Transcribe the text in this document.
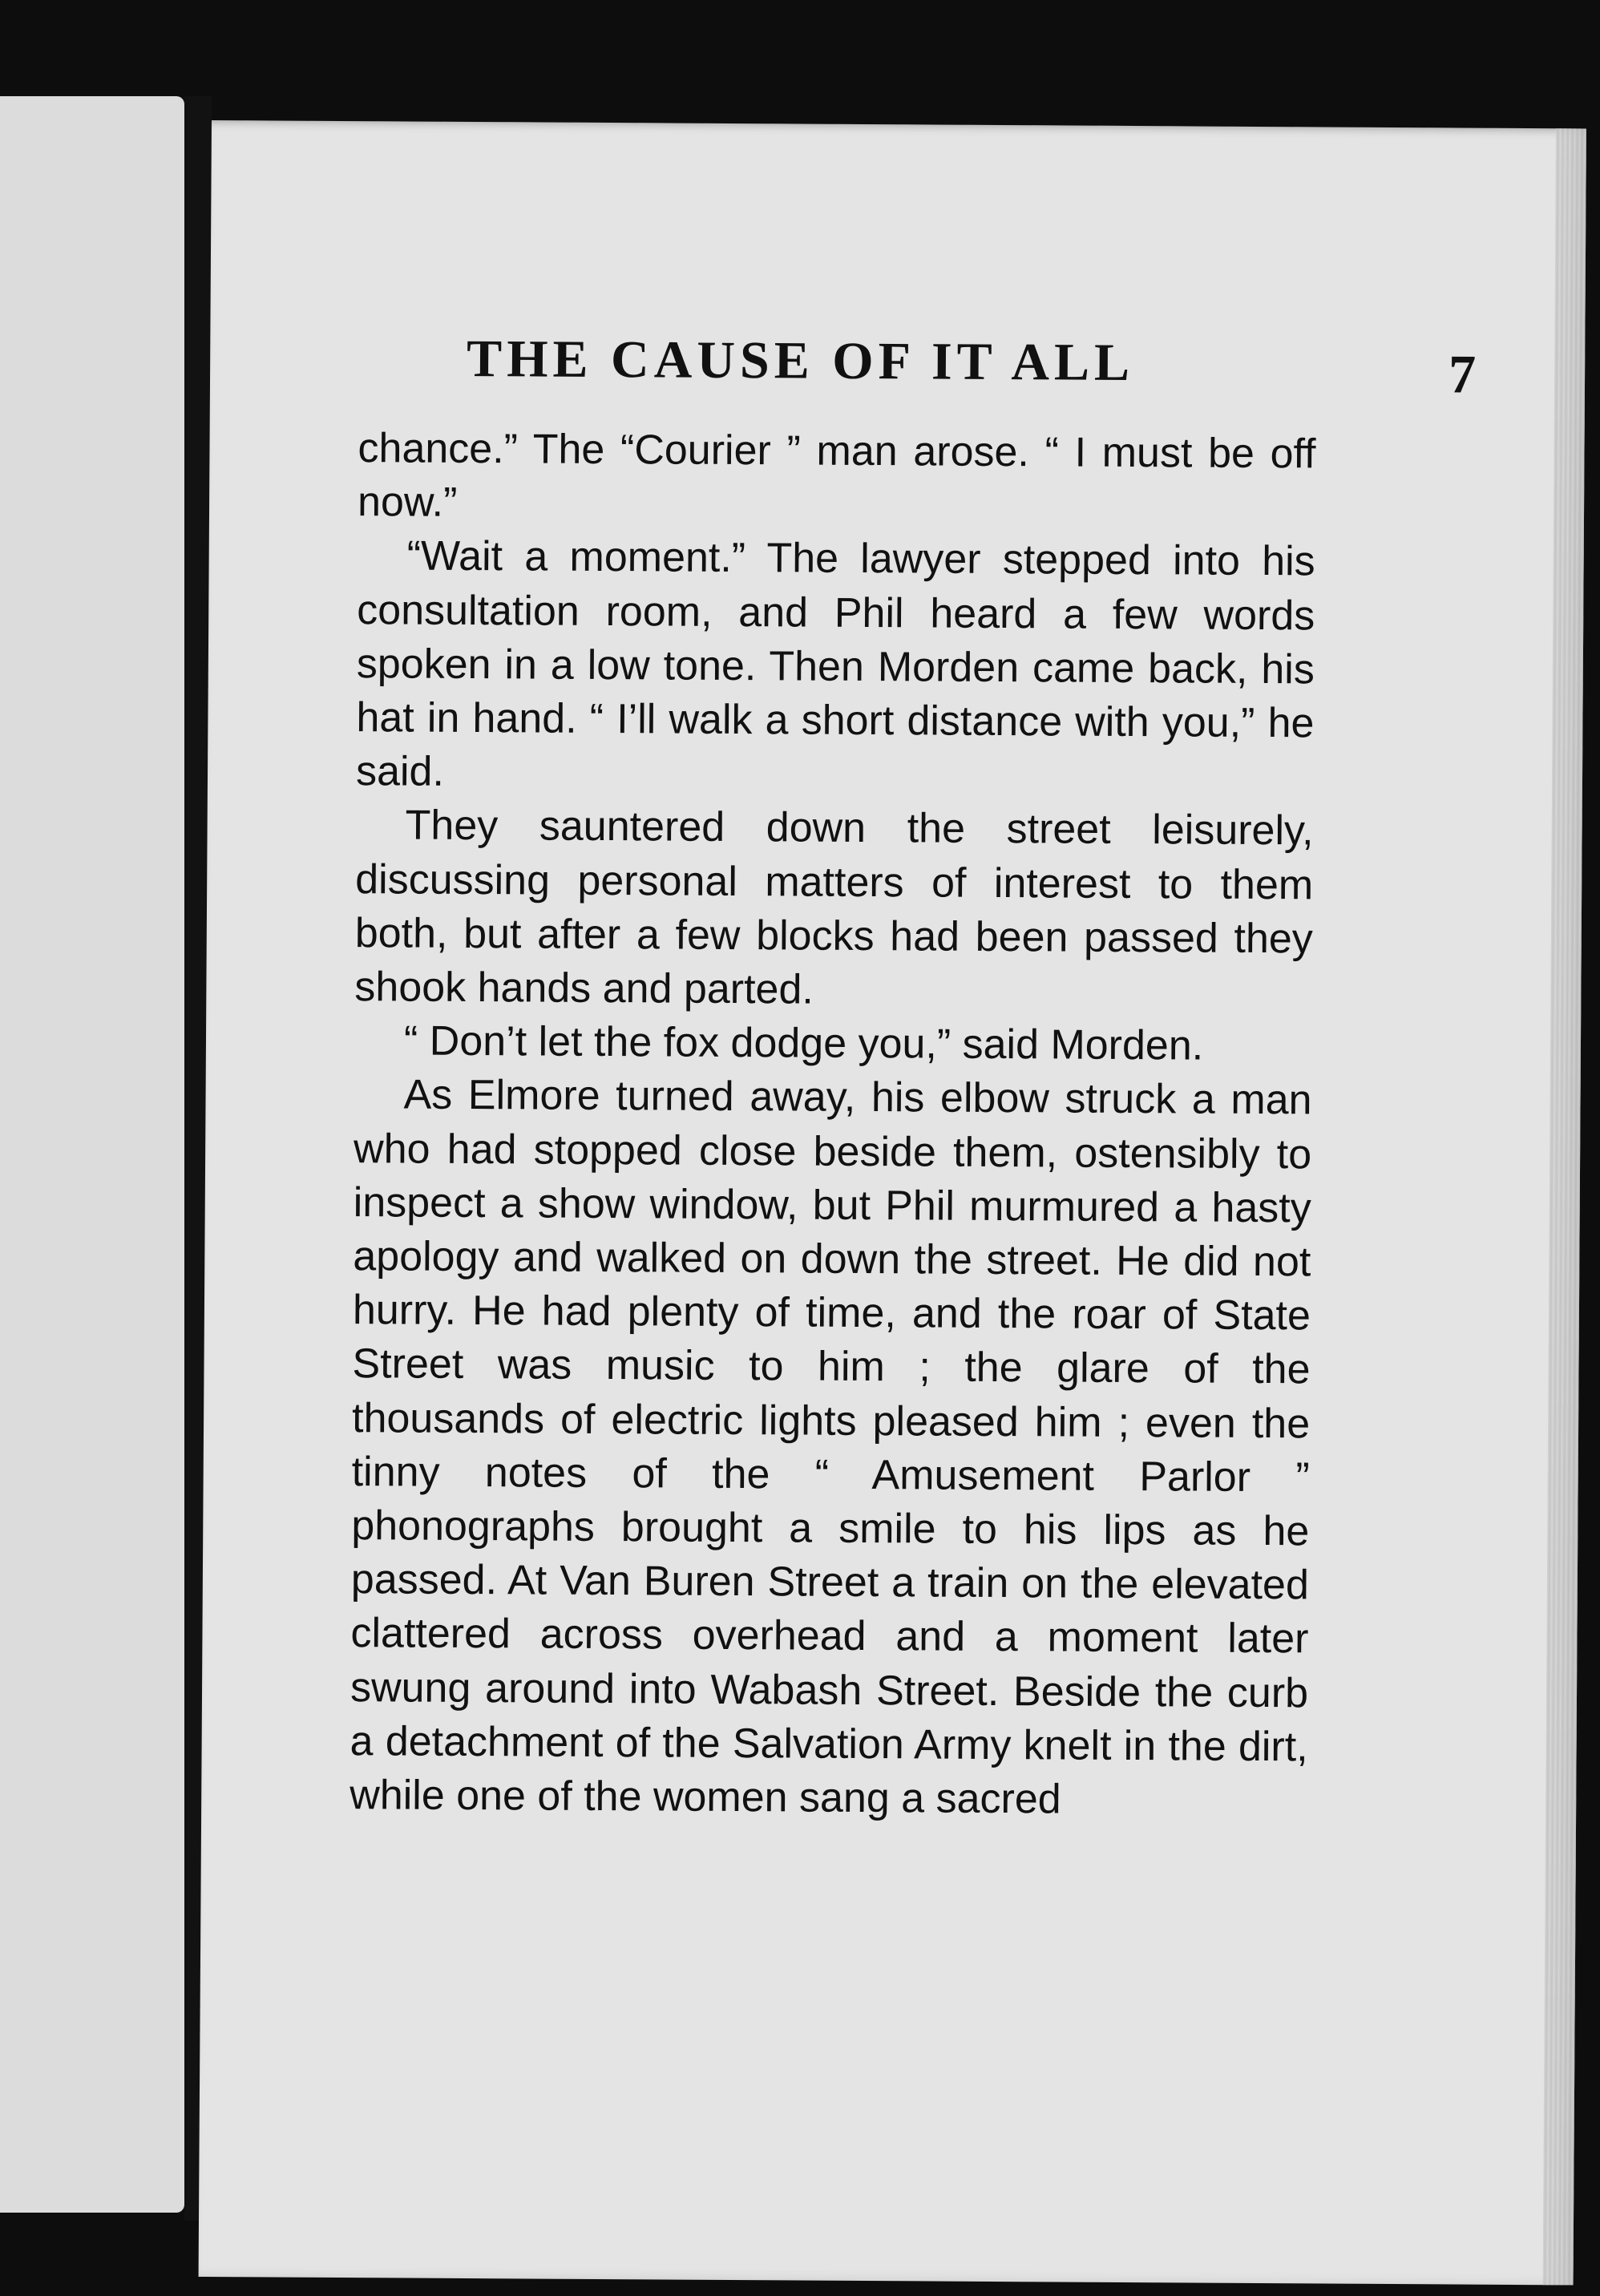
THE CAUSE OF IT ALL	7

chance.” The “Courier ” man arose. “ I must be off now.”

“Wait a moment.” The lawyer stepped into his consultation room, and Phil heard a few words spoken in a low tone. Then Morden came back, his hat in hand. “ I’ll walk a short distance with you,” he said.

They sauntered down the street leisurely, discussing personal matters of interest to them both, but after a few blocks had been passed they shook hands and parted.

“ Don’t let the fox dodge you,” said Morden.

As Elmore turned away, his elbow struck a man who had stopped close beside them, ostensibly to inspect a show window, but Phil murmured a hasty apology and walked on down the street. He did not hurry. He had plenty of time, and the roar of State Street was music to him ; the glare of the thousands of electric lights pleased him ; even the tinny notes of the “ Amusement Parlor ” phonographs brought a smile to his lips as he passed. At Van Buren Street a train on the elevated clattered across overhead and a moment later swung around into Wabash Street. Beside the curb a detachment of the Salvation Army knelt in the dirt, while one of the women sang a sacred
